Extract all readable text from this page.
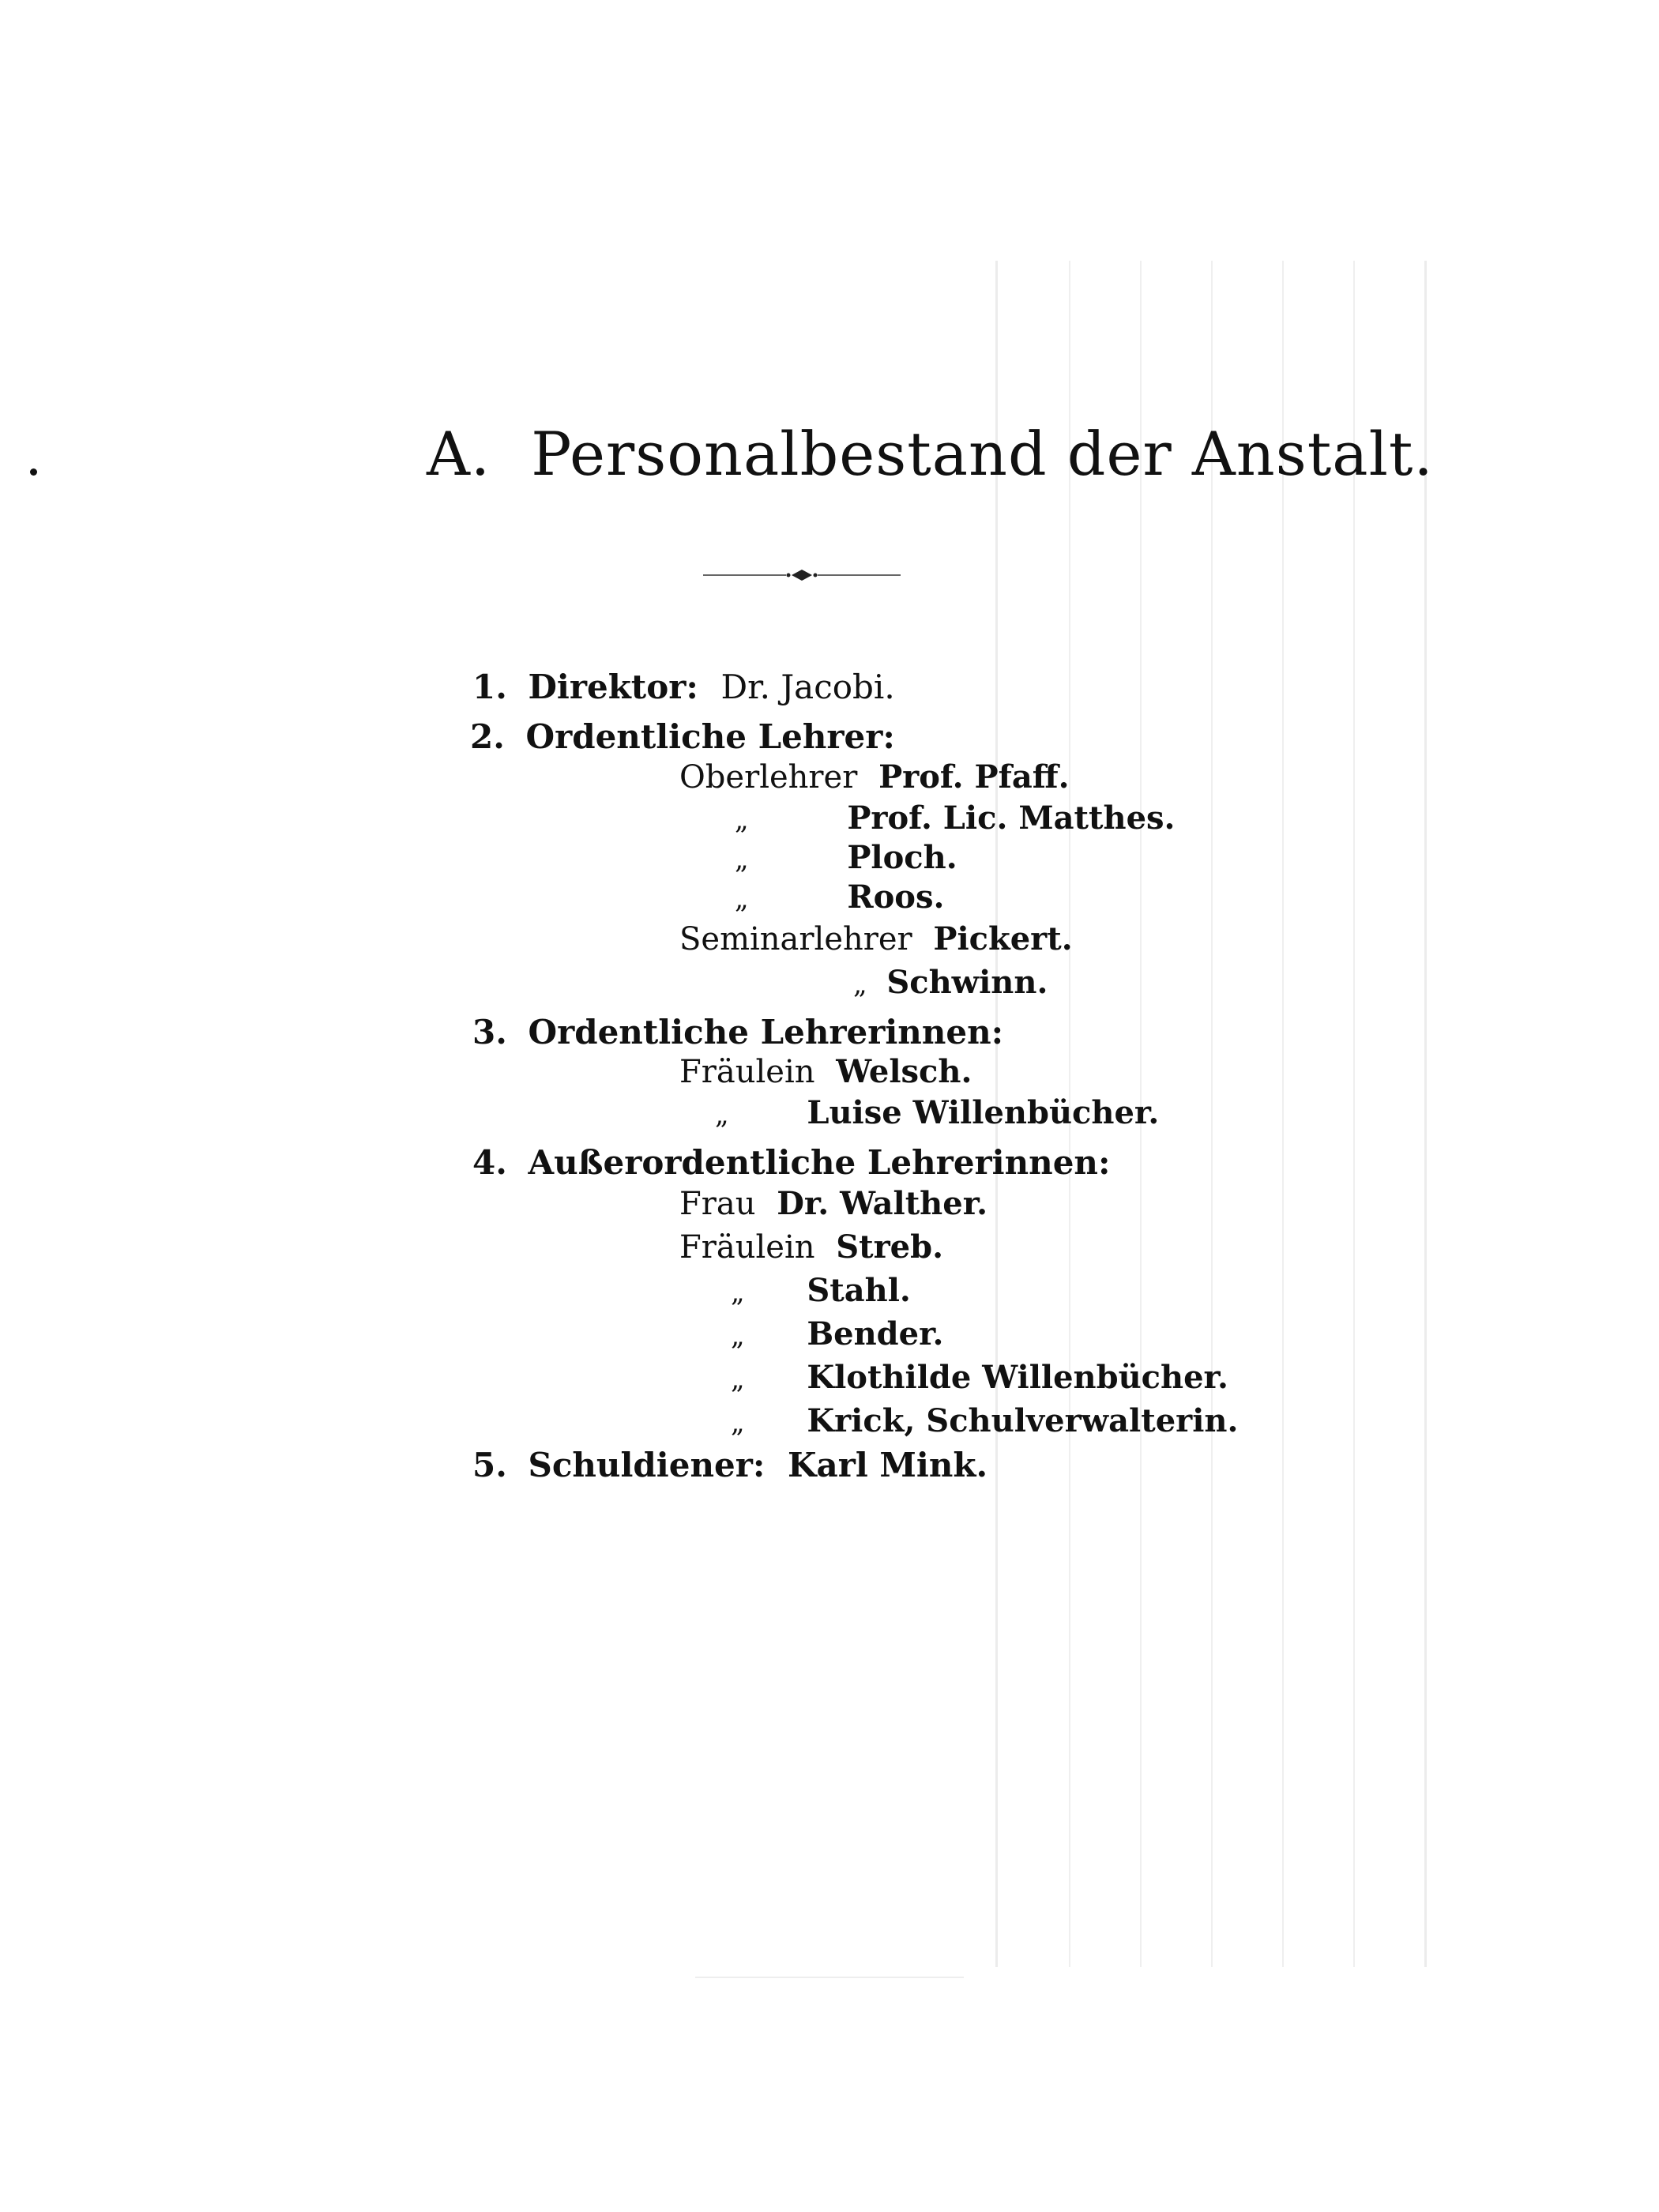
A. Personalbestand der Anstalt.
1. Direktor: Dr. Jacobi.
2. Ordentliche Lehrer:
Oberlehrer Prof. Pfaff.
„	Prof. Lic. Matthes.
„	Ploch.
„	Roos.
Seminarlehrer Pickert.
„ Schwinn.
3. Ordentliche Lehrerinnen:
Fräulein Welsch.
„ Luise Willenbücher.
4. Außerordentliche Lehrerinnen:
Frau Dr. Walther.
Fräulein Streb.
„ Stahl.
„ Bender.
„ Klothilde Willenbücher.
„ Krick, Schulverwalterin.
5. Schuldiener: Karl Mink.
